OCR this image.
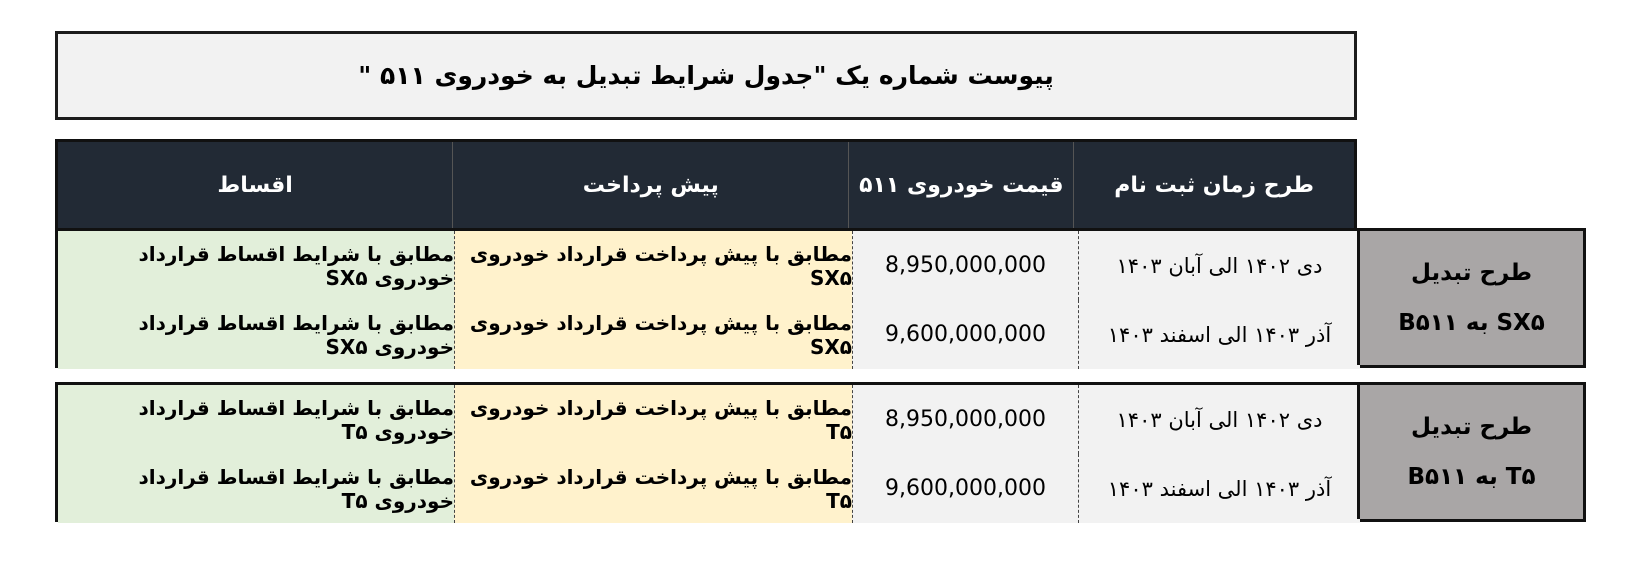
پیوست شماره یک "جدول شرایط تبدیل به خودروی ۵۱۱ "
طرح زمان ثبت نام
قیمت خودروی ۵۱۱
پیش پرداخت
اقساط
دی ۱۴۰۲ الی آبان ۱۴۰۳
8,950,000,000
مطابق با پیش پرداخت قرارداد خودروی SX۵
مطابق با شرایط اقساط قرارداد خودروی SX۵
آذر ۱۴۰۳ الی اسفند ۱۴۰۳
9,600,000,000
مطابق با پیش پرداخت قرارداد خودروی SX۵
مطابق با شرایط اقساط قرارداد خودروی SX۵
طرح تبدیل
SX۵ به B۵۱۱
دی ۱۴۰۲ الی آبان ۱۴۰۳
8,950,000,000
مطابق با پیش پرداخت قرارداد خودروی T۵
مطابق با شرایط اقساط قرارداد خودروی T۵
آذر ۱۴۰۳ الی اسفند ۱۴۰۳
9,600,000,000
مطابق با پیش پرداخت قرارداد خودروی T۵
مطابق با شرایط اقساط قرارداد خودروی T۵
طرح تبدیل
T۵ به B۵۱۱
